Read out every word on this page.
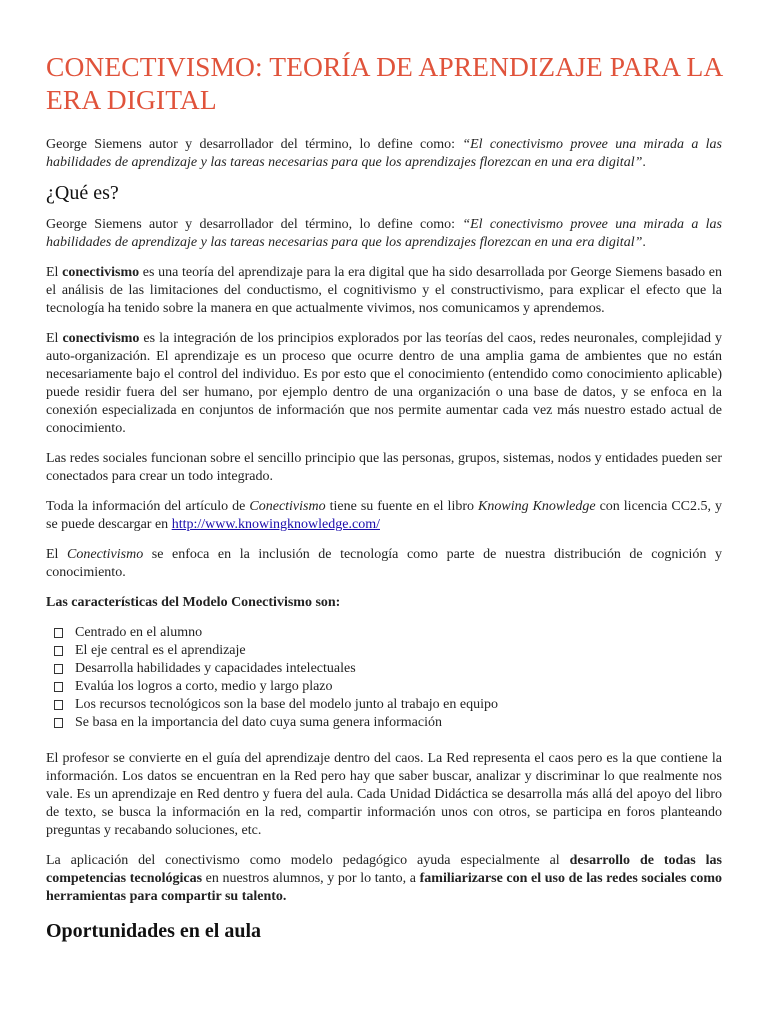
CONECTIVISMO: TEORÍA DE APRENDIZAJE PARA LA ERA DIGITAL

George Siemens autor y desarrollador del término, lo define como: “El conectivismo provee una mirada a las habilidades de aprendizaje y las tareas necesarias para que los aprendizajes florezcan en una era digital”.

¿Qué es?

George Siemens autor y desarrollador del término, lo define como: “El conectivismo provee una mirada a las habilidades de aprendizaje y las tareas necesarias para que los aprendizajes florezcan en una era digital”.

El conectivismo es una teoría del aprendizaje para la era digital que ha sido desarrollada por George Siemens basado en el análisis de las limitaciones del conductismo, el cognitivismo y el constructivismo, para explicar el efecto que la tecnología ha tenido sobre la manera en que actualmente vivimos, nos comunicamos y aprendemos.

El conectivismo es la integración de los principios explorados por las teorías del caos, redes neuronales, complejidad y auto-organización. El aprendizaje es un proceso que ocurre dentro de una amplia gama de ambientes que no están necesariamente bajo el control del individuo. Es por esto que el conocimiento (entendido como conocimiento aplicable) puede residir fuera del ser humano, por ejemplo dentro de una organización o una base de datos, y se enfoca en la conexión especializada en conjuntos de información que nos permite aumentar cada vez más nuestro estado actual de conocimiento.

Las redes sociales funcionan sobre el sencillo principio que las personas, grupos, sistemas, nodos y entidades pueden ser conectados para crear un todo integrado.

Toda la información del artículo de Conectivismo tiene su fuente en el libro Knowing Knowledge con licencia CC2.5, y se puede descargar en http://www.knowingknowledge.com/

El Conectivismo se enfoca en la inclusión de tecnología como parte de nuestra distribución de cognición y conocimiento.

Las características del Modelo Conectivismo son:

Centrado en el alumno
El eje central es el aprendizaje
Desarrolla habilidades y capacidades intelectuales
Evalúa los logros a corto, medio y largo plazo
Los recursos tecnológicos son la base del modelo junto al trabajo en equipo
Se basa en la importancia del dato cuya suma genera información

El profesor se convierte en el guía del aprendizaje dentro del caos. La Red representa el caos pero es la que contiene la información. Los datos se encuentran en la Red pero hay que saber buscar, analizar y discriminar lo que realmente nos vale. Es un aprendizaje en Red dentro y fuera del aula. Cada Unidad Didáctica se desarrolla más allá del apoyo del libro de texto, se busca la información en la red, compartir información unos con otros, se participa en foros planteando preguntas y recabando soluciones, etc.

La aplicación del conectivismo como modelo pedagógico ayuda especialmente al desarrollo de todas las competencias tecnológicas en nuestros alumnos, y por lo tanto, a familiarizarse con el uso de las redes sociales como herramientas para compartir su talento.

Oportunidades en el aula
